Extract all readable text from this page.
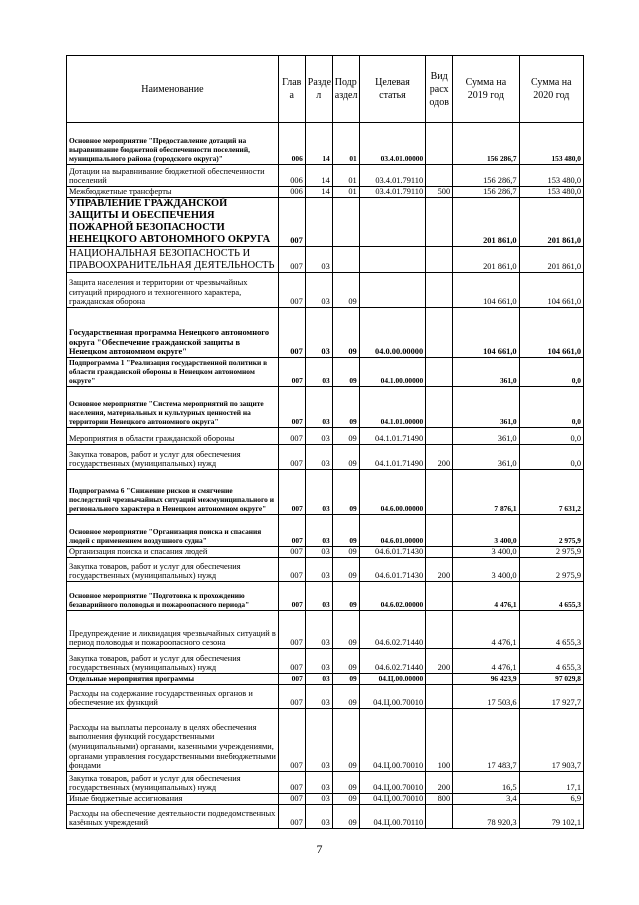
Наименование	Глав а	Разде л	Подр аздел	Целевая статья	Вид расх одов	Сумма на 2019 год	Сумма на 2020 год
Основное мероприятие "Предоставление дотаций на выравнивание бюджетной обеспеченности поселений, муниципального района (городского округа)"	006	14	01	03.4.01.00000		156 286,7	153 480,0
Дотации на выравнивание бюджетной обеспеченности поселений	006	14	01	03.4.01.79110		156 286,7	153 480,0
Межбюджетные трансферты	006	14	01	03.4.01.79110	500	156 286,7	153 480,0
УПРАВЛЕНИЕ ГРАЖДАНСКОЙ ЗАЩИТЫ И ОБЕСПЕЧЕНИЯ ПОЖАРНОЙ БЕЗОПАСНОСТИ НЕНЕЦКОГО АВТОНОМНОГО ОКРУГА	007					201 861,0	201 861,0
НАЦИОНАЛЬНАЯ БЕЗОПАСНОСТЬ И ПРАВООХРАНИТЕЛЬНАЯ ДЕЯТЕЛЬНОСТЬ	007	03				201 861,0	201 861,0
Защита населения и территории от чрезвычайных ситуаций природного и техногенного характера, гражданская оборона	007	03	09			104 661,0	104 661,0
Государственная программа Ненецкого автономного округа "Обеспечение гражданской защиты в Ненецком автономном округе"	007	03	09	04.0.00.00000		104 661,0	104 661,0
Подпрограмма 1 "Реализация государственной политики в области гражданской обороны в Ненецком автономном округе"	007	03	09	04.1.00.00000		361,0	0,0
Основное мероприятие "Система мероприятий по защите населения, материальных и культурных ценностей на территории Ненецкого автономного округа"	007	03	09	04.1.01.00000		361,0	0,0
Мероприятия в области гражданской обороны	007	03	09	04.1.01.71490		361,0	0,0
Закупка товаров, работ и услуг для обеспечения государственных (муниципальных) нужд	007	03	09	04.1.01.71490	200	361,0	0,0
Подпрограмма 6 "Снижение рисков и смягчение последствий чрезвычайных ситуаций межмуниципального и регионального характера в Ненецком автономном округе"	007	03	09	04.6.00.00000		7 876,1	7 631,2
Основное мероприятие "Организация поиска и спасания людей с применением воздушного судна"	007	03	09	04.6.01.00000		3 400,0	2 975,9
Организация поиска и спасания людей	007	03	09	04.6.01.71430		3 400,0	2 975,9
Закупка товаров, работ и услуг для обеспечения государственных (муниципальных) нужд	007	03	09	04.6.01.71430	200	3 400,0	2 975,9
Основное мероприятие "Подготовка к прохождению безаварийного половодья и пожароопасного периода"	007	03	09	04.6.02.00000		4 476,1	4 655,3
Предупреждение и ликвидация чрезвычайных ситуаций в период половодья и пожароопасного сезона	007	03	09	04.6.02.71440		4 476,1	4 655,3
Закупка товаров, работ и услуг для обеспечения государственных (муниципальных) нужд	007	03	09	04.6.02.71440	200	4 476,1	4 655,3
Отдельные мероприятия программы	007	03	09	04.Ц.00.00000		96 423,9	97 029,8
Расходы на содержание государственных органов и обеспечение их функций	007	03	09	04.Ц.00.70010		17 503,6	17 927,7
Расходы на выплаты персоналу в целях обеспечения выполнения функций государственными (муниципальными) органами, казенными учреждениями, органами управления государственными внебюджетными фондами	007	03	09	04.Ц.00.70010	100	17 483,7	17 903,7
Закупка товаров, работ и услуг для обеспечения государственных (муниципальных) нужд	007	03	09	04.Ц.00.70010	200	16,5	17,1
Иные бюджетные ассигнования	007	03	09	04.Ц.00.70010	800	3,4	6,9
Расходы на обеспечение деятельности подведомственных казённых учреждений	007	03	09	04.Ц.00.70110		78 920,3	79 102,1
7
